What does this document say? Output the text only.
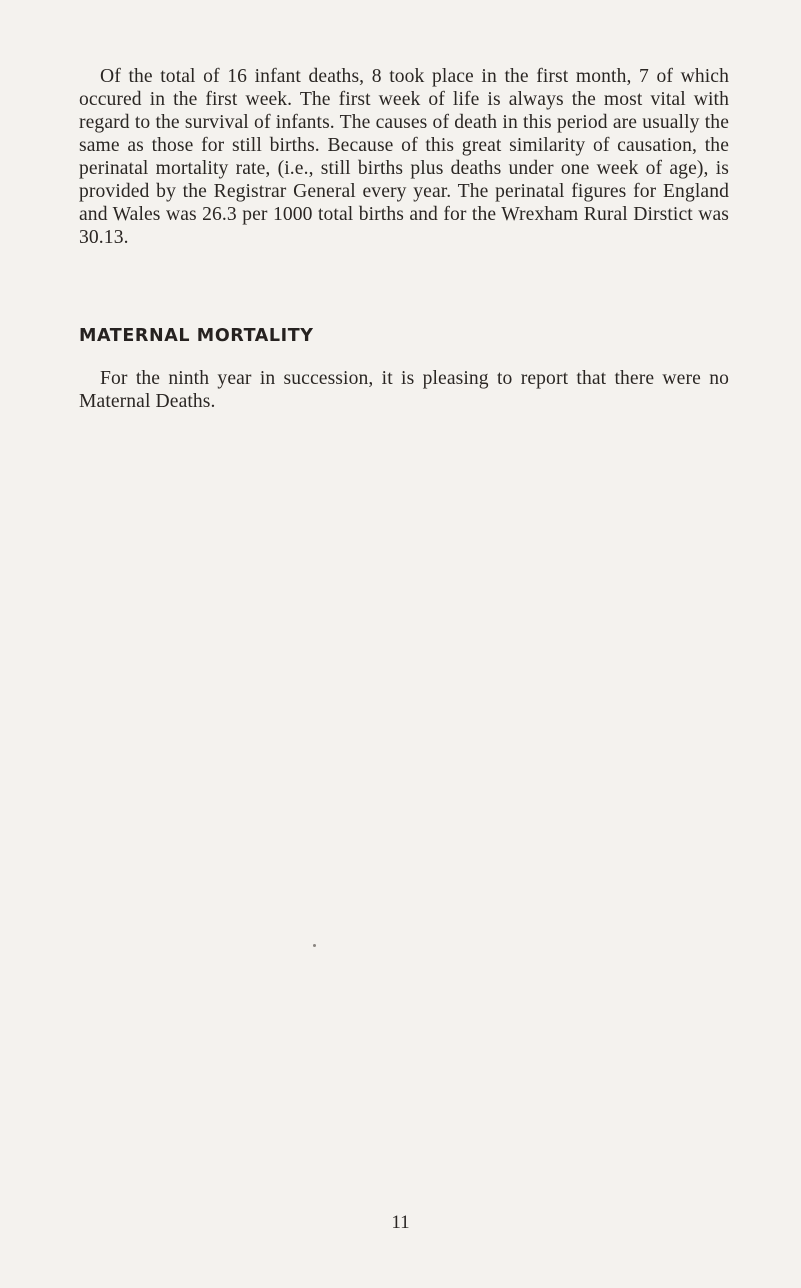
Of the total of 16 infant deaths, 8 took place in the first month, 7 of which occured in the first week. The first week of life is always the most vital with regard to the survival of infants. The causes of death in this period are usually the same as those for still births. Because of this great similarity of causation, the perinatal mortality rate, (i.e., still births plus deaths under one week of age), is provided by the Registrar General every year. The perinatal figures for England and Wales was 26.3 per 1000 total births and for the Wrexham Rural Dirstict was 30.13.

MATERNAL MORTALITY

For the ninth year in succession, it is pleasing to report that there were no Maternal Deaths.

11
